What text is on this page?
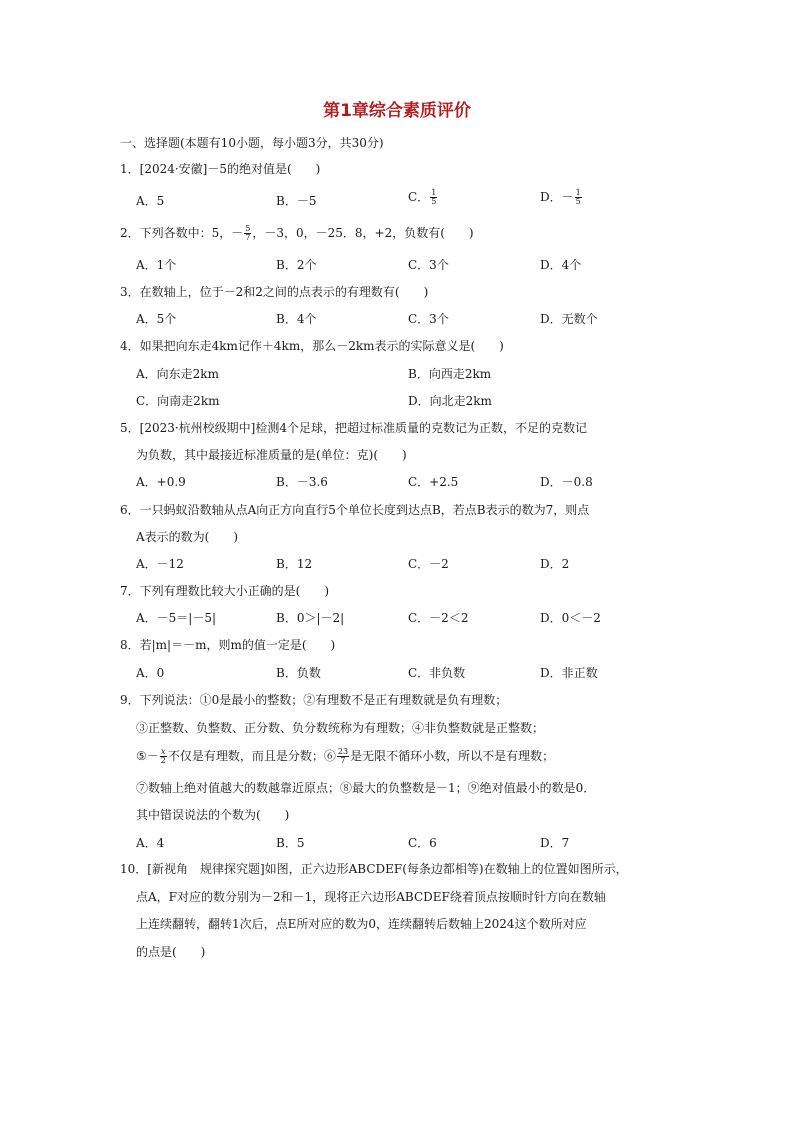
第1章综合素质评价
一、选择题(本题有10小题，每小题3分，共30分)
1．[2024·安徽]－5的绝对值是(　　)
A．5	B．－5	C． $\frac{1}{5}$	D．－ $\frac{1}{5}$
2．下列各数中：5，－ $\frac{5}{7}$ ，－3，0，－25．8，+2，负数有(　　)
A．1个	B．2个	C．3个	D．4个
3．在数轴上，位于－2和2之间的点表示的有理数有(　　)
A．5个	B．4个	C．3个	D．无数个
4．如果把向东走4km记作＋4km，那么－2km表示的实际意义是(　　)
A．向东走2km	B．向西走2km
C．向南走2km	D．向北走2km
5．[2023·杭州校级期中]检测4个足球，把超过标准质量的克数记为正数，不足的克数记
为负数，其中最接近标准质量的是(单位：克)(　　)
A．+0.9	B．－3.6	C．+2.5	D．－0.8
6．一只蚂蚁沿数轴从点A向正方向直行5个单位长度到达点B，若点B表示的数为7，则点
A表示的数为(　　)
A．－12	B．12	C．－2	D．2
7．下列有理数比较大小正确的是(　　)
A．－5＝|－5|	B．0＞|－2|	C．－2＜2	D．0＜－2
8．若|m|＝－m，则m的值一定是(　　)
A．0	B．负数	C．非负数	D．非正数
9．下列说法：①0是最小的整数；②有理数不是正有理数就是负有理数；
③正整数、负整数、正分数、负分数统称为有理数；④非负整数就是正整数；
⑤－ $\frac{x}{2}$ 不仅是有理数，而且是分数；⑥ $\frac{23}{7}$ 是无限不循环小数，所以不是有理数；
⑦数轴上绝对值越大的数越靠近原点；⑧最大的负整数是－1；⑨绝对值最小的数是0．
其中错误说法的个数为(　　)
A．4	B．5	C．6	D．7
10．[新视角　规律探究题]如图，正六边形ABCDEF(每条边都相等)在数轴上的位置如图所示，
点A，F对应的数分别为－2和－1，现将正六边形ABCDEF绕着顶点按顺时针方向在数轴
上连续翻转，翻转1次后，点E所对应的数为0，连续翻转后数轴上2024这个数所对应
的点是(　　)
